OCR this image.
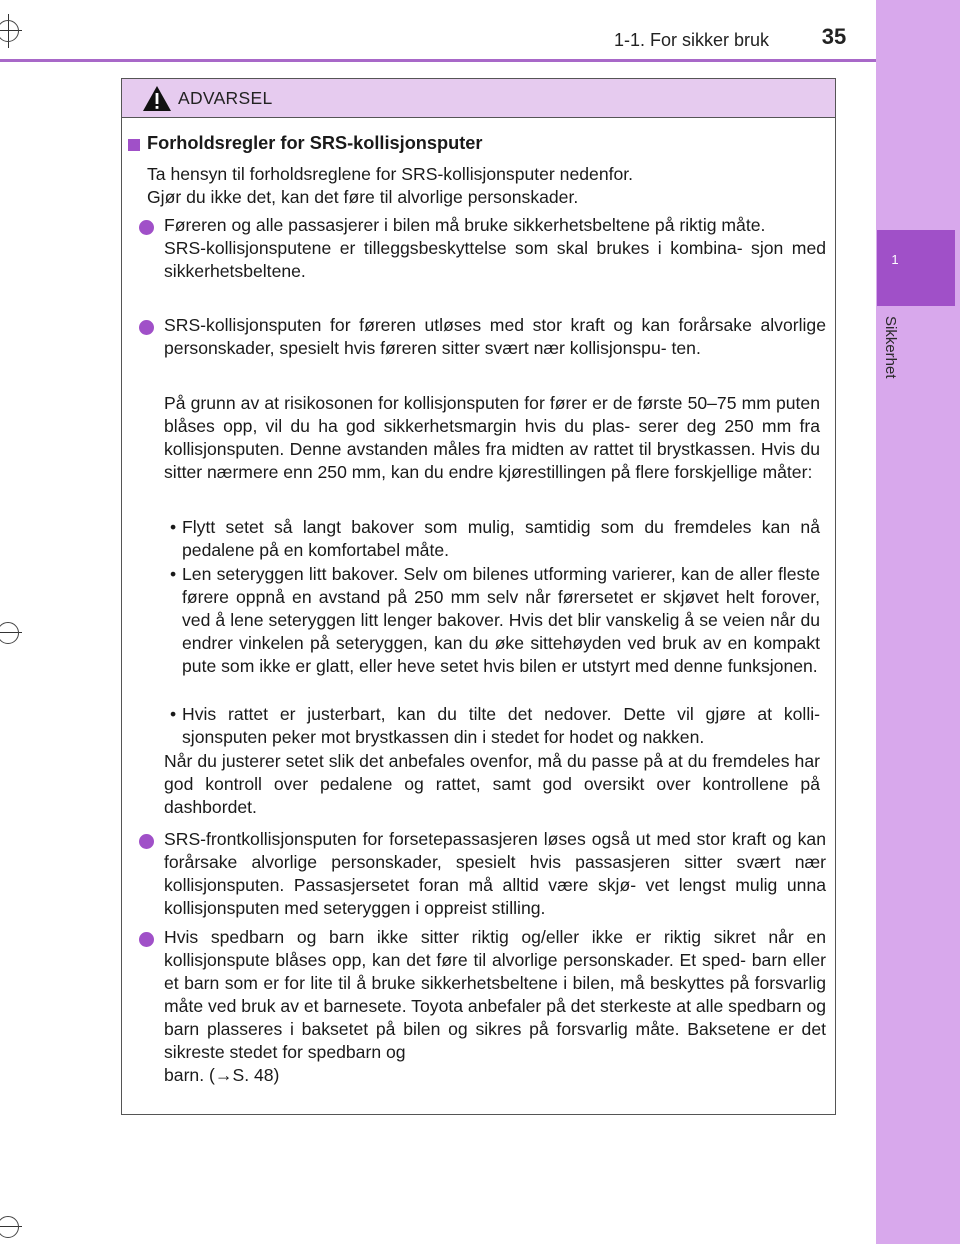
1-1. For sikker bruk	35
1
Sikkerhet
ADVARSEL
Forholdsregler for SRS-kollisjonsputer
Ta hensyn til forholdsreglene for SRS-kollisjonsputer nedenfor.
Gjør du ikke det, kan det føre til alvorlige personskader.
Føreren og alle passasjerer i bilen må bruke sikkerhetsbeltene på riktig måte.
SRS-kollisjonsputene er tilleggsbeskyttelse som skal brukes i kombina- sjon med sikkerhetsbeltene.
SRS-kollisjonsputen for føreren utløses med stor kraft og kan forårsake alvorlige personskader, spesielt hvis føreren sitter svært nær kollisjonspu- ten.
På grunn av at risikosonen for kollisjonsputen for fører er de første 50–75 mm puten blåses opp, vil du ha god sikkerhetsmargin hvis du plas- serer deg 250 mm fra kollisjonsputen. Denne avstanden måles fra midten av rattet til brystkassen. Hvis du sitter nærmere enn 250 mm, kan du endre kjørestillingen på flere forskjellige måter:
• Flytt setet så langt bakover som mulig, samtidig som du fremdeles kan nå pedalene på en komfortabel måte.
• Len seteryggen litt bakover. Selv om bilenes utforming varierer, kan de aller fleste førere oppnå en avstand på 250 mm selv når førersetet er skjøvet helt forover, ved å lene seteryggen litt lenger bakover. Hvis det blir vanskelig å se veien når du endrer vinkelen på seteryggen, kan du øke sittehøyden ved bruk av en kompakt pute som ikke er glatt, eller heve setet hvis bilen er utstyrt med denne funksjonen.
• Hvis rattet er justerbart, kan du tilte det nedover. Dette vil gjøre at kolli- sjonsputen peker mot brystkassen din i stedet for hodet og nakken.
Når du justerer setet slik det anbefales ovenfor, må du passe på at du fremdeles har god kontroll over pedalene og rattet, samt god oversikt over kontrollene på dashbordet.
SRS-frontkollisjonsputen for forsetepassasjeren løses også ut med stor kraft og kan forårsake alvorlige personskader, spesielt hvis passasjeren sitter svært nær kollisjonsputen. Passasjersetet foran må alltid være skjø- vet lengst mulig unna kollisjonsputen med seteryggen i oppreist stilling.
Hvis spedbarn og barn ikke sitter riktig og/eller ikke er riktig sikret når en kollisjonspute blåses opp, kan det føre til alvorlige personskader. Et sped- barn eller et barn som er for lite til å bruke sikkerhetsbeltene i bilen, må beskyttes på forsvarlig måte ved bruk av et barnesete. Toyota anbefaler på det sterkeste at alle spedbarn og barn plasseres i baksetet på bilen og sikres på forsvarlig måte. Baksetene er det sikreste stedet for spedbarn og
barn. (→S. 48)
